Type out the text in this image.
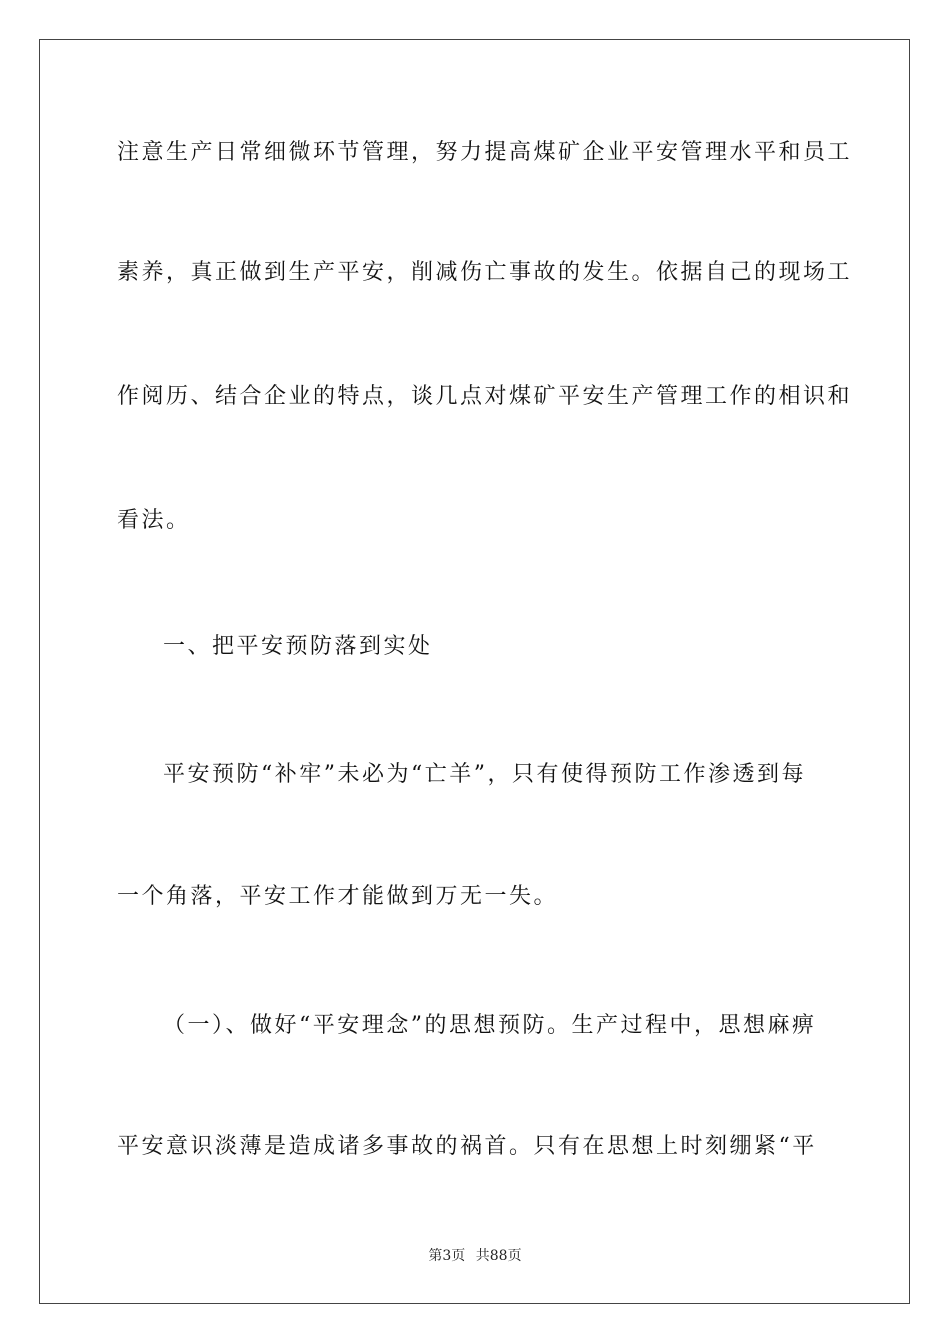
注意生产日常细微环节管理，努力提高煤矿企业平安管理水平和员工
素养，真正做到生产平安，削减伤亡事故的发生。依据自己的现场工
作阅历、结合企业的特点，谈几点对煤矿平安生产管理工作的相识和
看法。
一、把平安预防落到实处
平安预防“补牢”未必为“亡羊”，只有使得预防工作渗透到每
一个角落，平安工作才能做到万无一失。
（一）、做好“平安理念”的思想预防。生产过程中，思想麻痹
平安意识淡薄是造成诸多事故的祸首。只有在思想上时刻绷紧“平
第3页 共88页
